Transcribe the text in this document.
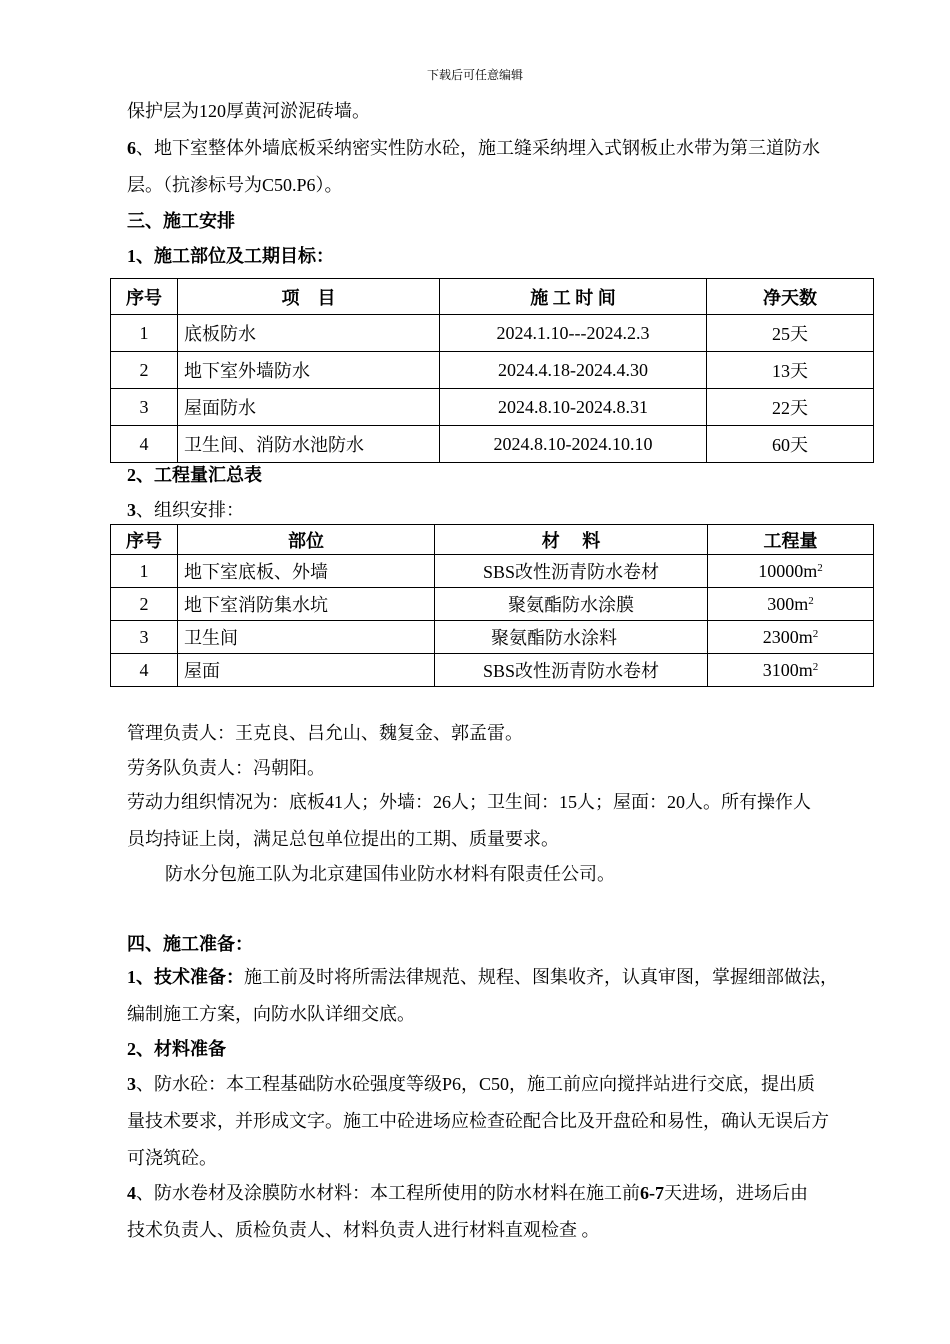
下载后可任意编辑
保护层为120厚黄河淤泥砖墙。
6、地下室整体外墙底板采纳密实性防水砼，施工缝采纳埋入式钢板止水带为第三道防水
层。（抗渗标号为C50.P6）。
三、施工安排
1、施工部位及工期目标：
序号	项　目	施 工 时 间	净天数
1	底板防水	2024.1.10---2024.2.3	25天
2	地下室外墙防水	2024.4.18-2024.4.30	13天
3	屋面防水	2024.8.10-2024.8.31	22天
4	卫生间、消防水池防水	2024.8.10-2024.10.10	60天
2、工程量汇总表
3、组织安排：
序号	部位	材　 料	工程量
1	地下室底板、外墙	SBS改性沥青防水卷材	$10000m^2$
2	地下室消防集水坑	聚氨酯防水涂膜	$300m^2$
3	卫生间	聚氨酯防水涂料	$2300m^2$
4	屋面	SBS改性沥青防水卷材	$3100m^2$
管理负责人：王克良、吕允山、魏复金、郭孟雷。
劳务队负责人：冯朝阳。
劳动力组织情况为：底板41人；外墙：26人；卫生间：15人；屋面：20人。所有操作人
员均持证上岗，满足总包单位提出的工期、质量要求。
防水分包施工队为北京建国伟业防水材料有限责任公司。
四、施工准备：
1、技术准备：施工前及时将所需法律规范、规程、图集收齐，认真审图，掌握细部做法，
编制施工方案，向防水队详细交底。
2、材料准备
3、防水砼：本工程基础防水砼强度等级P6，C50，施工前应向搅拌站进行交底，提出质
量技术要求，并形成文字。施工中砼进场应检查砼配合比及开盘砼和易性，确认无误后方
可浇筑砼。
4、防水卷材及涂膜防水材料：本工程所使用的防水材料在施工前6-7天进场，进场后由
技术负责人、质检负责人、材料负责人进行材料直观检查 。
